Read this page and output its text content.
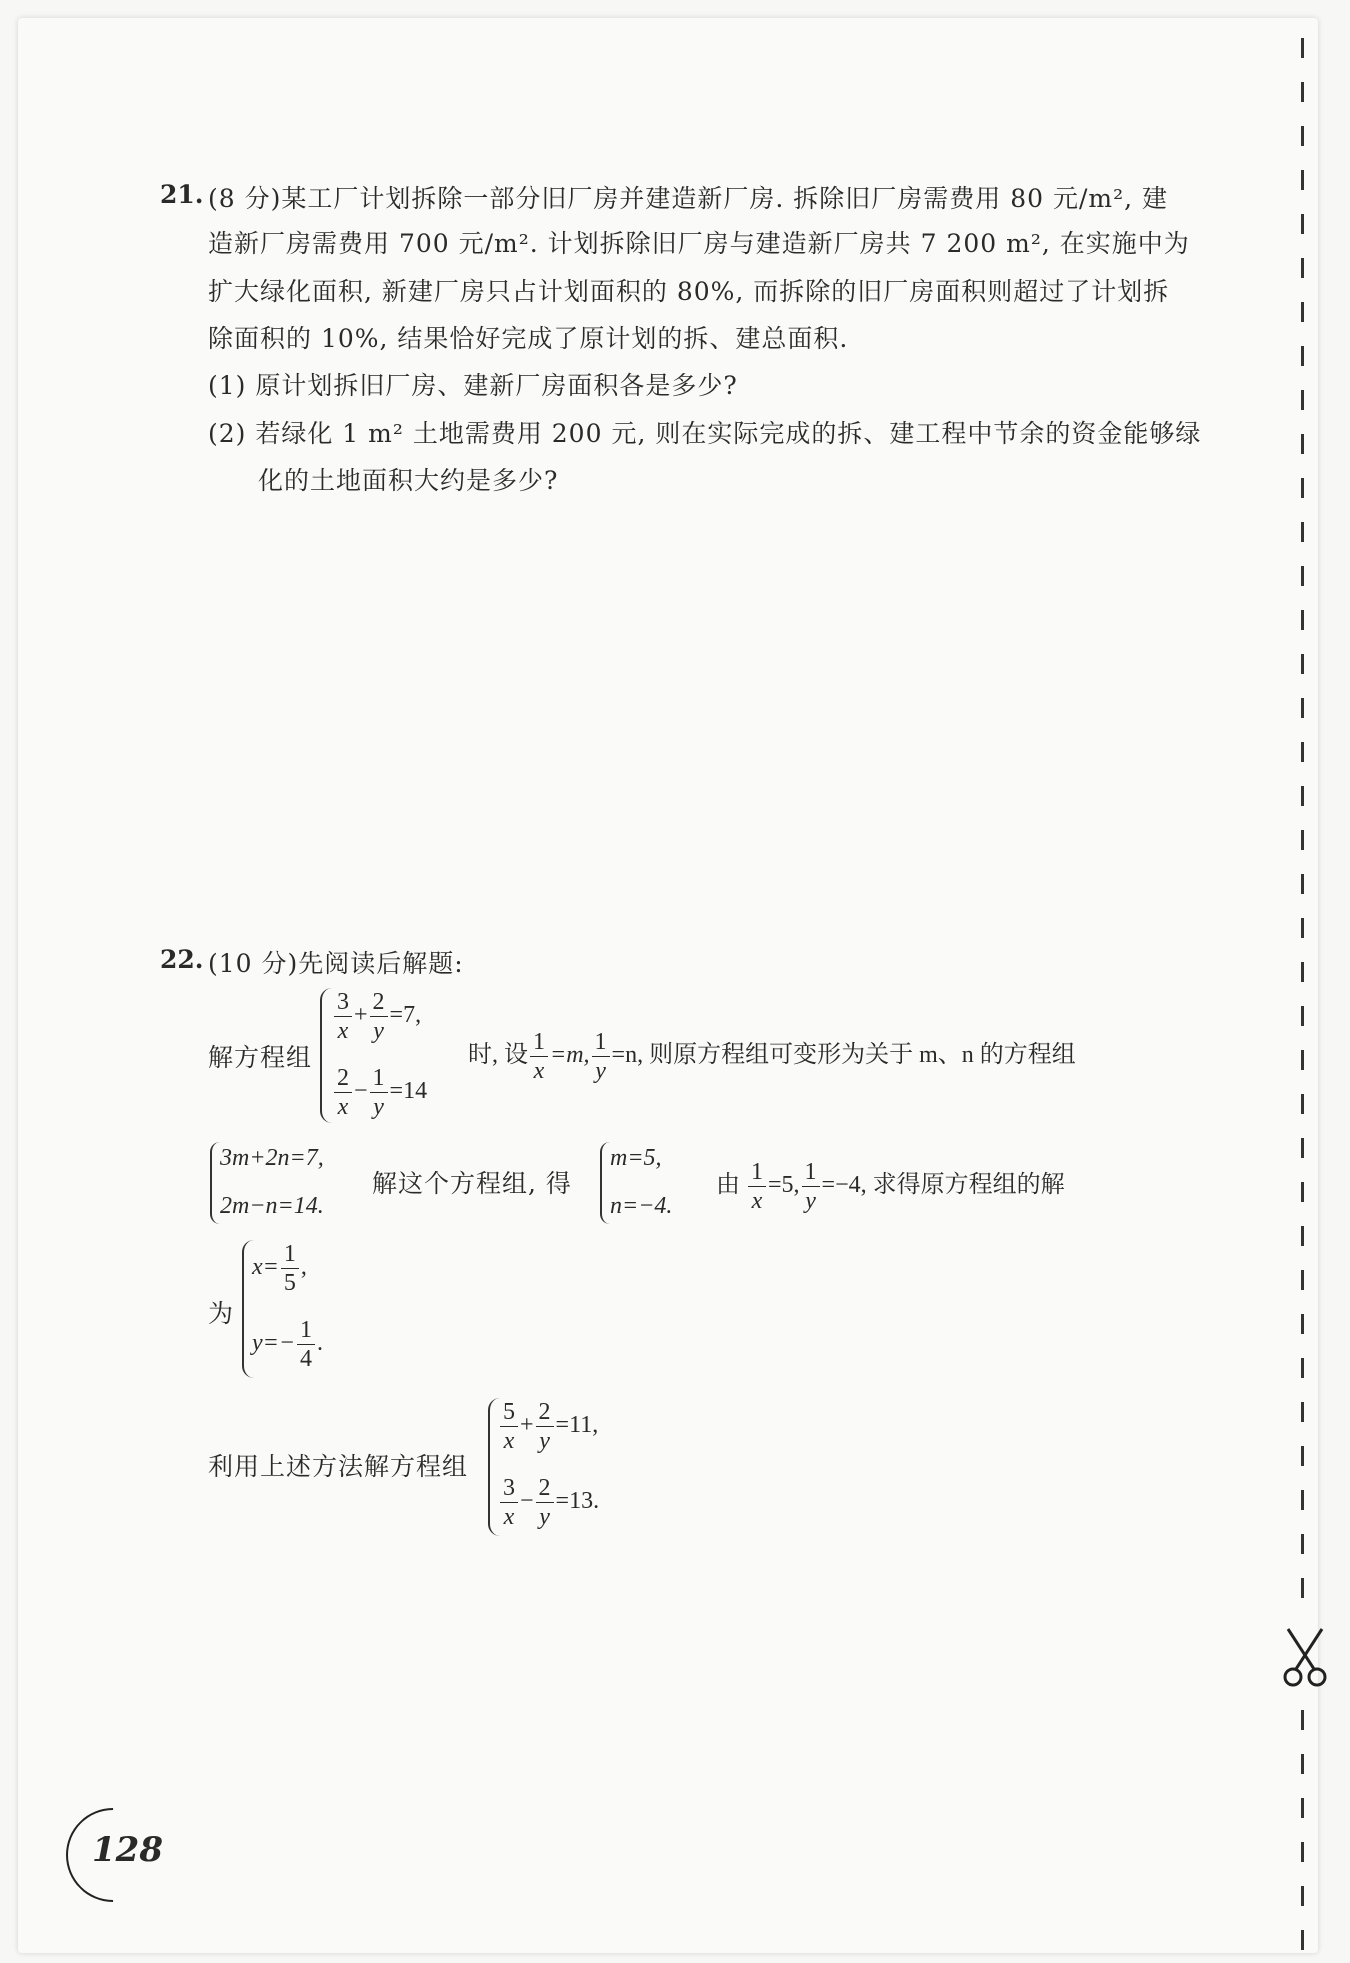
21. (8 分)某工厂计划拆除一部分旧厂房并建造新厂房. 拆除旧厂房需费用 80 元/m², 建
造新厂房需费用 700 元/m². 计划拆除旧厂房与建造新厂房共 7 200 m², 在实施中为
扩大绿化面积, 新建厂房只占计划面积的 80%, 而拆除的旧厂房面积则超过了计划拆
除面积的 10%, 结果恰好完成了原计划的拆、建总面积.
(1) 原计划拆旧厂房、建新厂房面积各是多少?
(2) 若绿化 1 m² 土地需费用 200 元, 则在实际完成的拆、建工程中节余的资金能够绿
化的土地面积大约是多少?
22. (10 分)先阅读后解题:
解方程组
$\frac{3}{x} + \frac{2}{y} =7$,
$\frac{2}{x} - \frac{1}{y} =14$
时, 设 $\frac{1}{x} =m$, $\frac{1}{y} =n$, 则原方程组可变形为关于 m、n 的方程组
3m+2n=7,
2m−n=14.
解这个方程组, 得
m=5,
n=−4.
由 $\frac{1}{x} =5$, $\frac{1}{y} =-4$, 求得原方程组的解
为
$x= \frac{1}{5}$ ,
$y=- \frac{1}{4}$ .
利用上述方法解方程组
$\frac{5}{x} + \frac{2}{y} =11$,
$\frac{3}{x} - \frac{2}{y} =13$.
128
